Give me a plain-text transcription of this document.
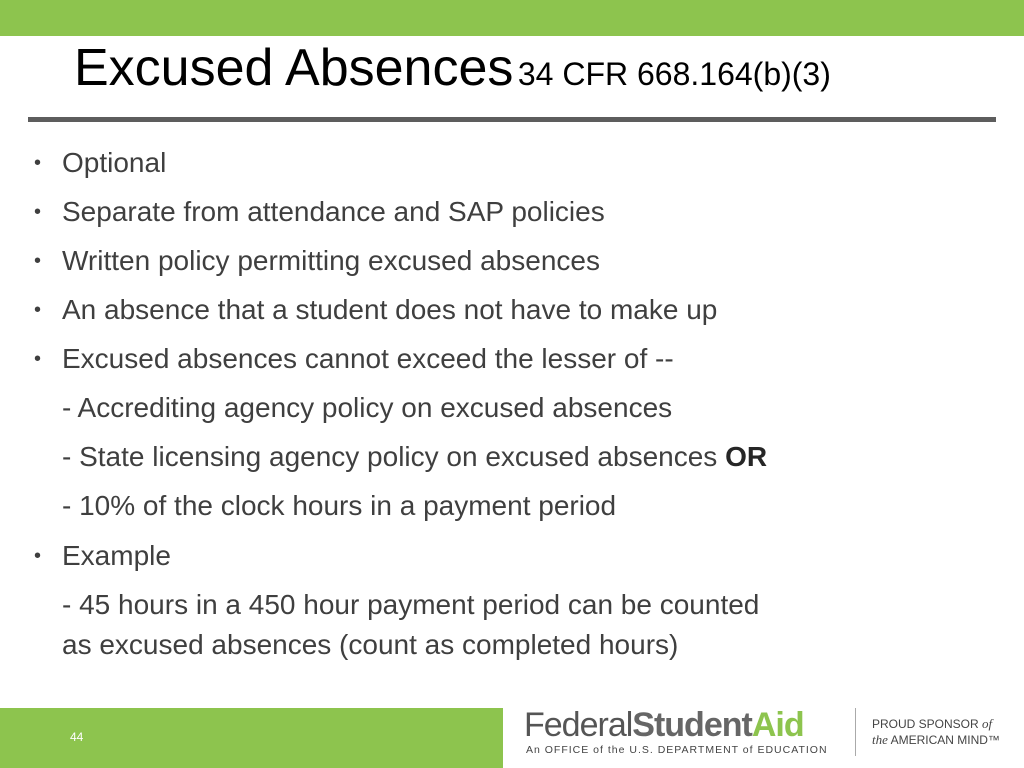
Excused Absences 34 CFR 668.164(b)(3)
• Optional
• Separate from attendance and SAP policies
• Written policy permitting excused absences
• An absence that a student does not have to make up
• Excused absences cannot exceed the lesser of --
- Accrediting agency policy on excused absences
- State licensing agency policy on excused absences OR
- 10% of the clock hours in a payment period
• Example
- 45 hours in a 450 hour payment period can be counted
as excused absences (count as completed hours)
44	FederalStudentAid
An OFFICE of the U.S. DEPARTMENT of EDUCATION
PROUD SPONSOR of
the AMERICAN MIND™
